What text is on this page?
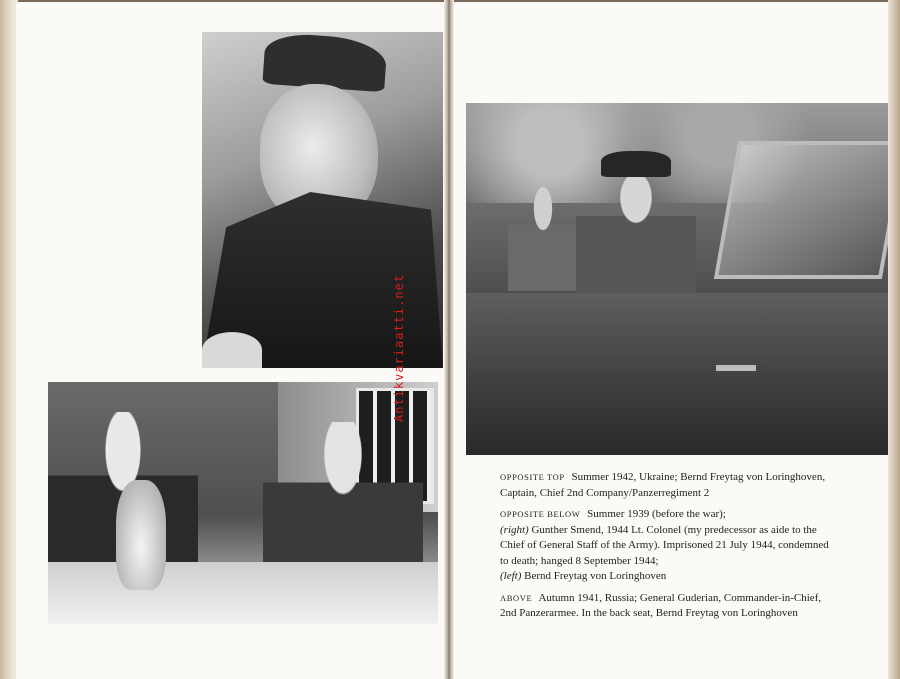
Antikvariaatti.net

OPPOSITE TOP Summer 1942, Ukraine; Bernd Freytag von Loringhoven, Captain, Chief 2nd Company/Panzerregiment 2

OPPOSITE BELOW Summer 1939 (before the war);
(right) Gunther Smend, 1944 Lt. Colonel (my predecessor as aide to the Chief of General Staff of the Army). Imprisoned 21 July 1944, condemned to death; hanged 8 September 1944;
(left) Bernd Freytag von Loringhoven

ABOVE Autumn 1941, Russia; General Guderian, Commander-in-Chief, 2nd Panzerarmee. In the back seat, Bernd Freytag von Loringhoven
